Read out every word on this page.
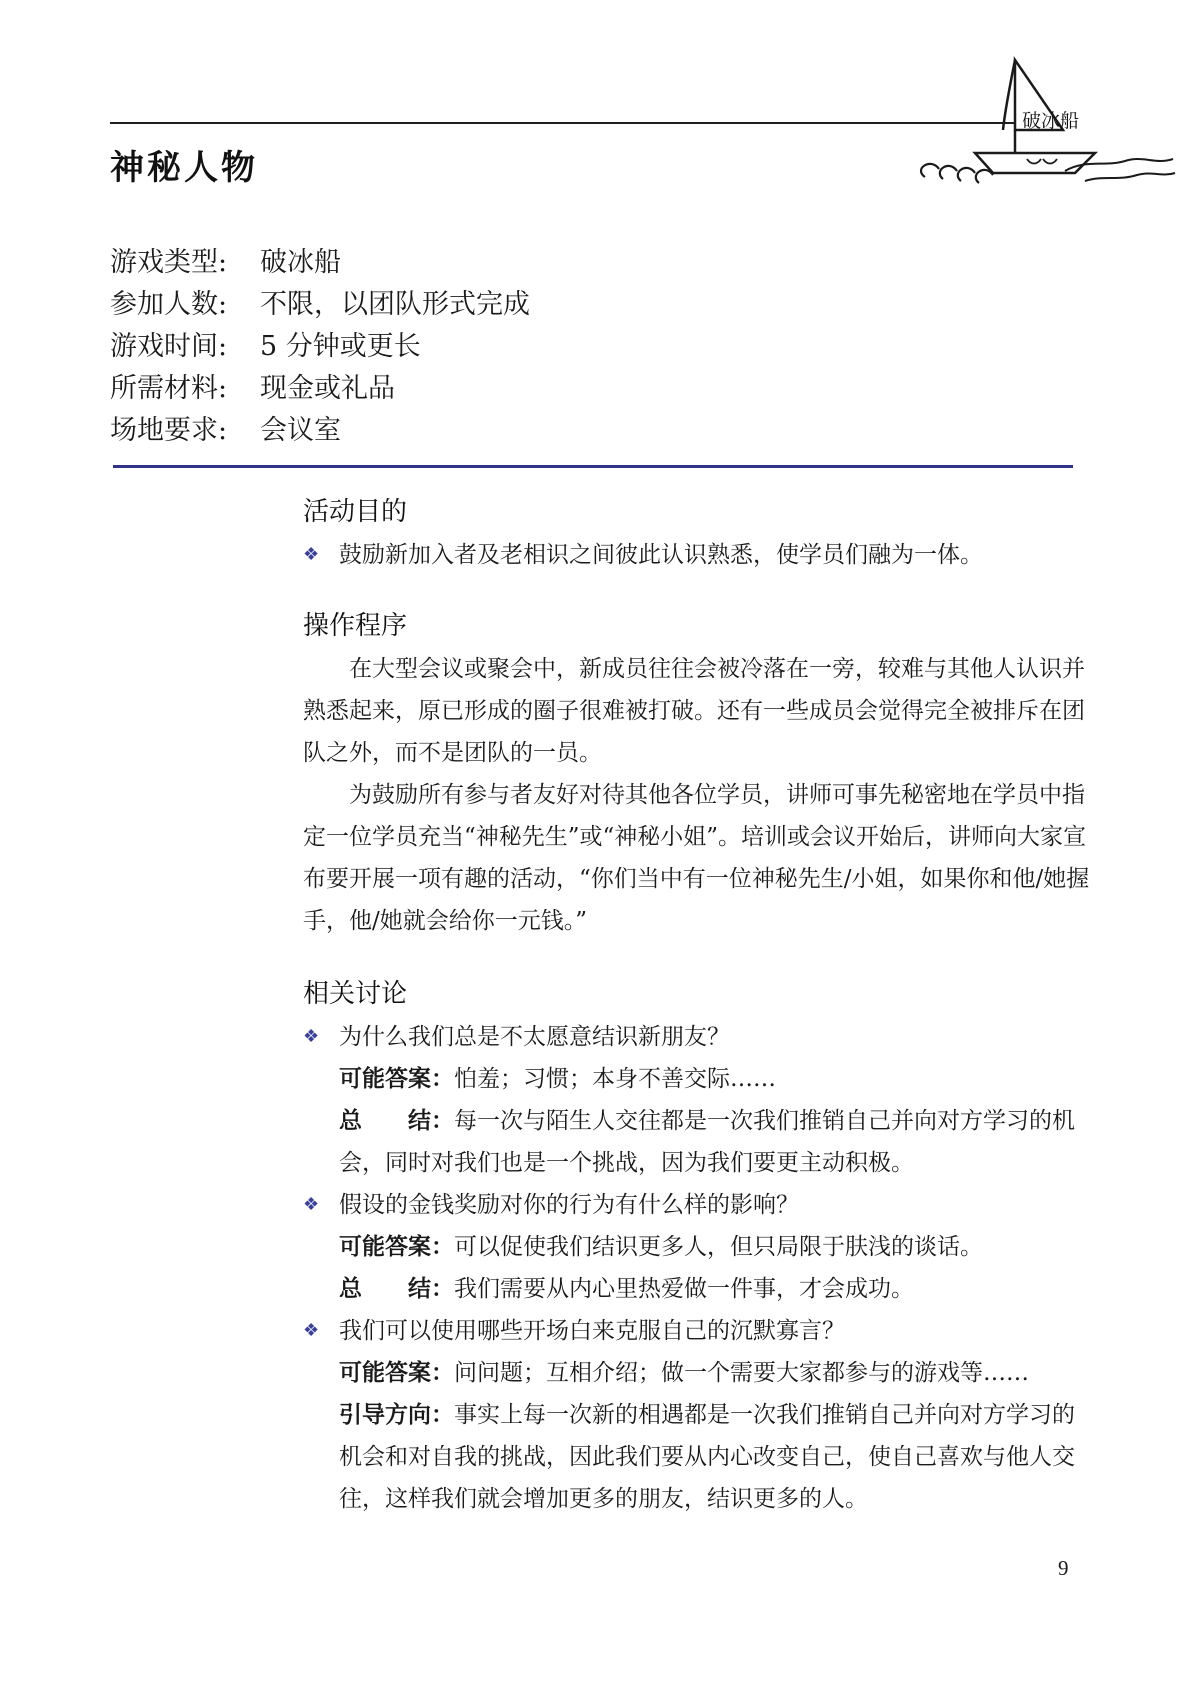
破冰船
神秘人物
游戏类型:	破冰船
参加人数:	不限，以团队形式完成
游戏时间:	5 分钟或更长
所需材料:	现金或礼品
场地要求:	会议室
活动目的
❖ 鼓励新加入者及老相识之间彼此认识熟悉，使学员们融为一体。
操作程序

在大型会议或聚会中，新成员往往会被冷落在一旁，较难与其他人认识并熟悉起来，原已形成的圈子很难被打破。还有一些成员会觉得完全被排斥在团队之外，而不是团队的一员。

为鼓励所有参与者友好对待其他各位学员，讲师可事先秘密地在学员中指定一位学员充当“神秘先生”或“神秘小姐”。培训或会议开始后，讲师向大家宣布要开展一项有趣的活动，“你们当中有一位神秘先生/小姐，如果你和他/她握手，他/她就会给你一元钱。”

相关讨论
❖ 为什么我们总是不太愿意结识新朋友？
可能答案：怕羞；习惯；本身不善交际……
总　　结：每一次与陌生人交往都是一次我们推销自己并向对方学习的机会，同时对我们也是一个挑战，因为我们要更主动积极。
❖ 假设的金钱奖励对你的行为有什么样的影响？
可能答案：可以促使我们结识更多人，但只局限于肤浅的谈话。
总　　结：我们需要从内心里热爱做一件事，才会成功。
❖ 我们可以使用哪些开场白来克服自己的沉默寡言？
可能答案：问问题；互相介绍；做一个需要大家都参与的游戏等……
引导方向：事实上每一次新的相遇都是一次我们推销自己并向对方学习的机会和对自我的挑战，因此我们要从内心改变自己，使自己喜欢与他人交往，这样我们就会增加更多的朋友，结识更多的人。
9
